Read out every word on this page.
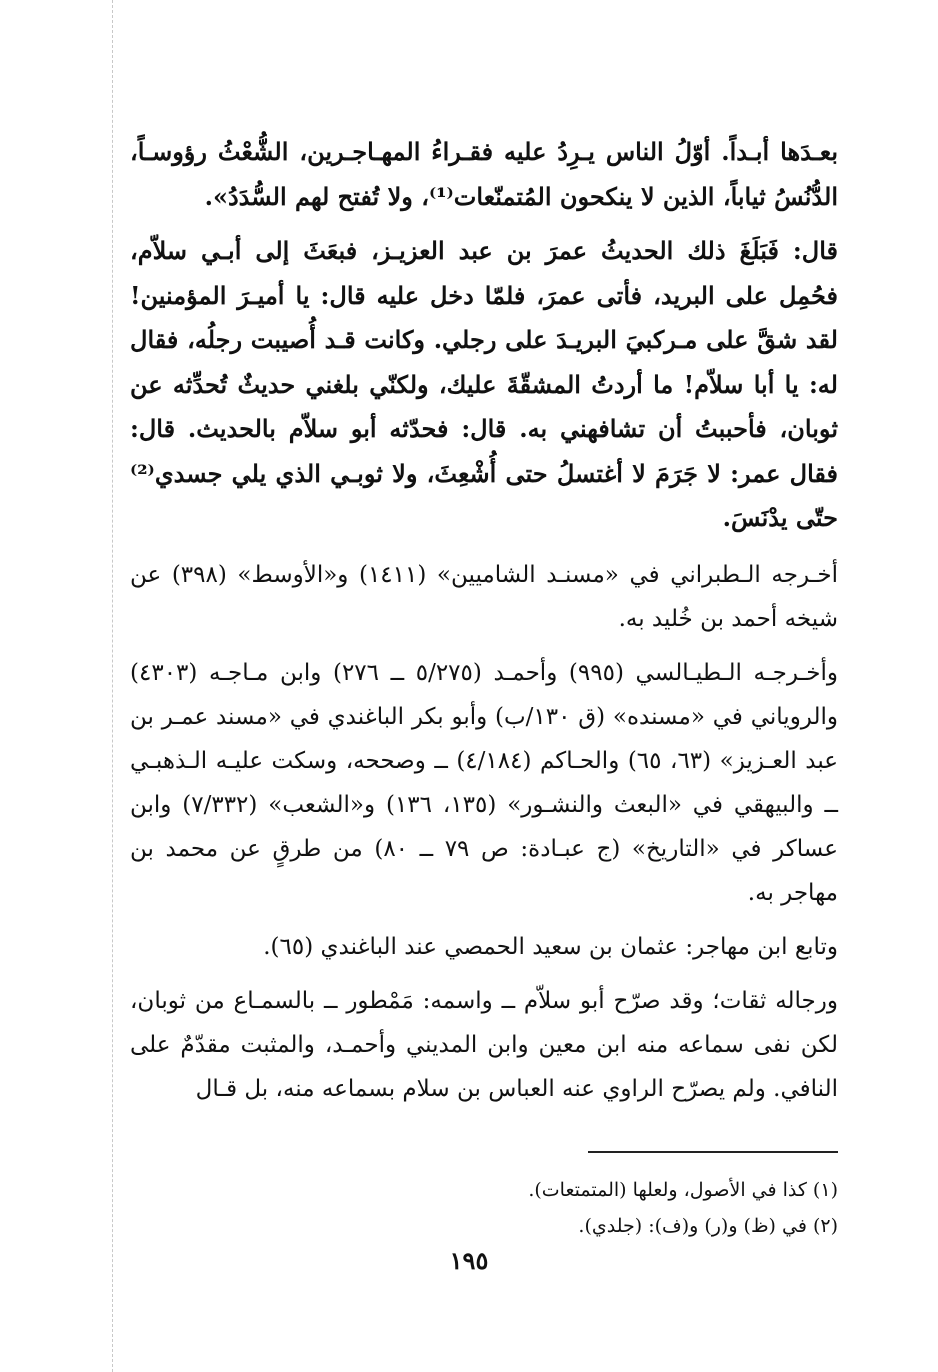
بعـدَها أبـداً. أوّلُ الناس يـرِدُ عليه فقـراءُ المهـاجـرين، الشُّعْثُ رؤوسـاً، الدُّنُسُ ثياباً، الذين لا ينكحون المُتمنّعات⁽¹⁾، ولا تُفتح لهم السُّدَدُ».

قال: فَبَلَغَ ذلك الحديثُ عمرَ بن عبد العزيـز، فبعَثَ إلى أبـي سلاّم، فحُمِل على البريد، فأتى عمرَ، فلمّا دخل عليه قال: يا أميـرَ المؤمنين! لقد شقَّ على مـركبيَ البريـدَ على رجلي. وكانت قـد أُصيبت رجلُه، فقال له: يا أبا سلاّم! ما أردتُ المشقّةَ عليك، ولكنّي بلغني حديثٌ تُحدِّثه عن ثوبان، فأحببتُ أن تشافهني به. قال: فحدّثه أبو سلاّم بالحديث. قال: فقال عمر: لا جَرَمَ لا أغتسلُ حتى أُشْعِثَ، ولا ثوبـي الذي يلي جسدي⁽²⁾ حتّى يدْنَسَ.

أخـرجه الـطبراني في «مسنـد الشاميين» (١٤١١) و«الأوسط» (٣٩٨) عن شيخه أحمد بن خُليد به.

وأخـرجـه الـطيـالسي (٩٩٥) وأحمـد (٥/٢٧٥ ــ ٢٧٦) وابن مـاجـه (٤٣٠٣) والروياني في «مسنده» (ق ١٣٠/ب) وأبو بكر الباغندي في «مسند عمـر بن عبد العـزيز» (٦٣، ٦٥) والحـاكم (٤/١٨٤) ــ وصححه، وسكت عليـه الـذهبـي ــ والبيهقي في «البعث والنشـور» (١٣٥، ١٣٦) و«الشعب» (٧/٣٣٢) وابن عساكر في «التاريخ» (ج عبـادة: ص ٧٩ ــ ٨٠) من طرقٍ عن محمد بن مهاجر به.

وتابع ابن مهاجر: عثمان بن سعيد الحمصي عند الباغندي (٦٥).

ورجاله ثقات؛ وقد صرّح أبو سلاّم ــ واسمه: مَمْطور ــ بالسمـاع من ثوبان، لكن نفى سماعه منه ابن معين وابن المديني وأحمـد، والمثبت مقدّمٌ على النافي. ولم يصرّح الراوي عنه العباس بن سلام بسماعه منه، بل قـال

(١) كذا في الأصول، ولعلها (المتمتعات).

(٢) في (ظ) و(ر) و(ف): (جلدي).

١٩٥
